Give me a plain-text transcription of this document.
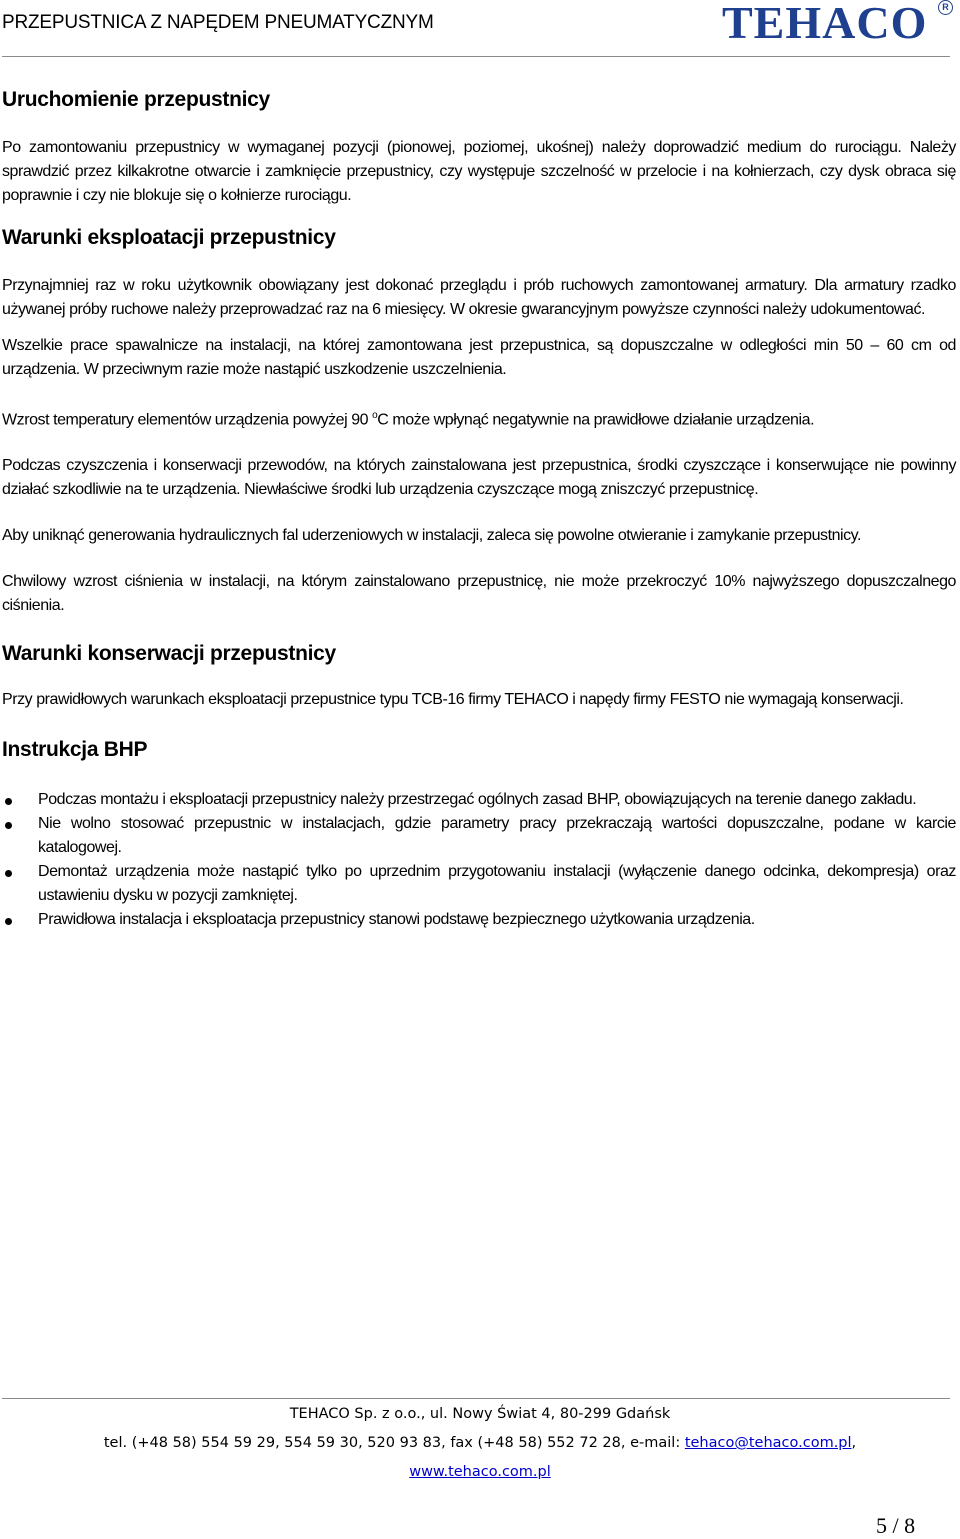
PRZEPUSTNICA Z NAPĘDEM PNEUMATYCZNYM	TEHACO	R
Uruchomienie przepustnicy

Po zamontowaniu przepustnicy w wymaganej pozycji (pionowej, poziomej, ukośnej) należy doprowadzić medium do rurociągu. Należy sprawdzić przez kilkakrotne otwarcie i zamknięcie przepustnicy, czy występuje szczelność w przelocie i na kołnierzach, czy dysk obraca się poprawnie i czy nie blokuje się o kołnierze rurociągu.

Warunki eksploatacji przepustnicy

Przynajmniej raz w roku użytkownik obowiązany jest dokonać przeglądu i prób ruchowych zamontowanej armatury. Dla armatury rzadko używanej próby ruchowe należy przeprowadzać raz na 6 miesięcy. W okresie gwarancyjnym powyższe czynności należy udokumentować.

Wszelkie prace spawalnicze na instalacji, na której zamontowana jest przepustnica, są dopuszczalne w odległości min 50 – 60 cm od urządzenia. W przeciwnym razie może nastąpić uszkodzenie uszczelnienia.

Wzrost temperatury elementów urządzenia powyżej 90 $^o$C może wpłynąć negatywnie na prawidłowe działanie urządzenia.

Podczas czyszczenia i konserwacji przewodów, na których zainstalowana jest przepustnica, środki czyszczące i konserwujące nie powinny działać szkodliwie na te urządzenia. Niewłaściwe środki lub urządzenia czyszczące mogą zniszczyć przepustnicę.

Aby uniknąć generowania hydraulicznych fal uderzeniowych w instalacji, zaleca się powolne otwieranie i zamykanie przepustnicy.

Chwilowy wzrost ciśnienia w instalacji, na którym zainstalowano przepustnicę, nie może przekroczyć 10% najwyższego dopuszczalnego ciśnienia.

Warunki konserwacji przepustnicy

Przy prawidłowych warunkach eksploatacji przepustnice typu TCB-16 firmy TEHACO i napędy firmy FESTO nie wymagają konserwacji.

Instrukcja BHP
Podczas montażu i eksploatacji przepustnicy należy przestrzegać ogólnych zasad BHP, obowiązujących na terenie danego zakładu.
Nie wolno stosować przepustnic w instalacjach, gdzie parametry pracy przekraczają wartości dopuszczalne, podane w karcie katalogowej.
Demontaż urządzenia może nastąpić tylko po uprzednim przygotowaniu instalacji (wyłączenie danego odcinka, dekompresja) oraz ustawieniu dysku w pozycji zamkniętej.
Prawidłowa instalacja i eksploatacja przepustnicy stanowi podstawę bezpiecznego użytkowania urządzenia.
TEHACO Sp. z o.o., ul. Nowy Świat 4, 80-299 Gdańsk
tel. (+48 58) 554 59 29, 554 59 30, 520 93 83, fax (+48 58) 552 72 28, e-mail: tehaco@tehaco.com.pl,
www.tehaco.com.pl
5 / 8
